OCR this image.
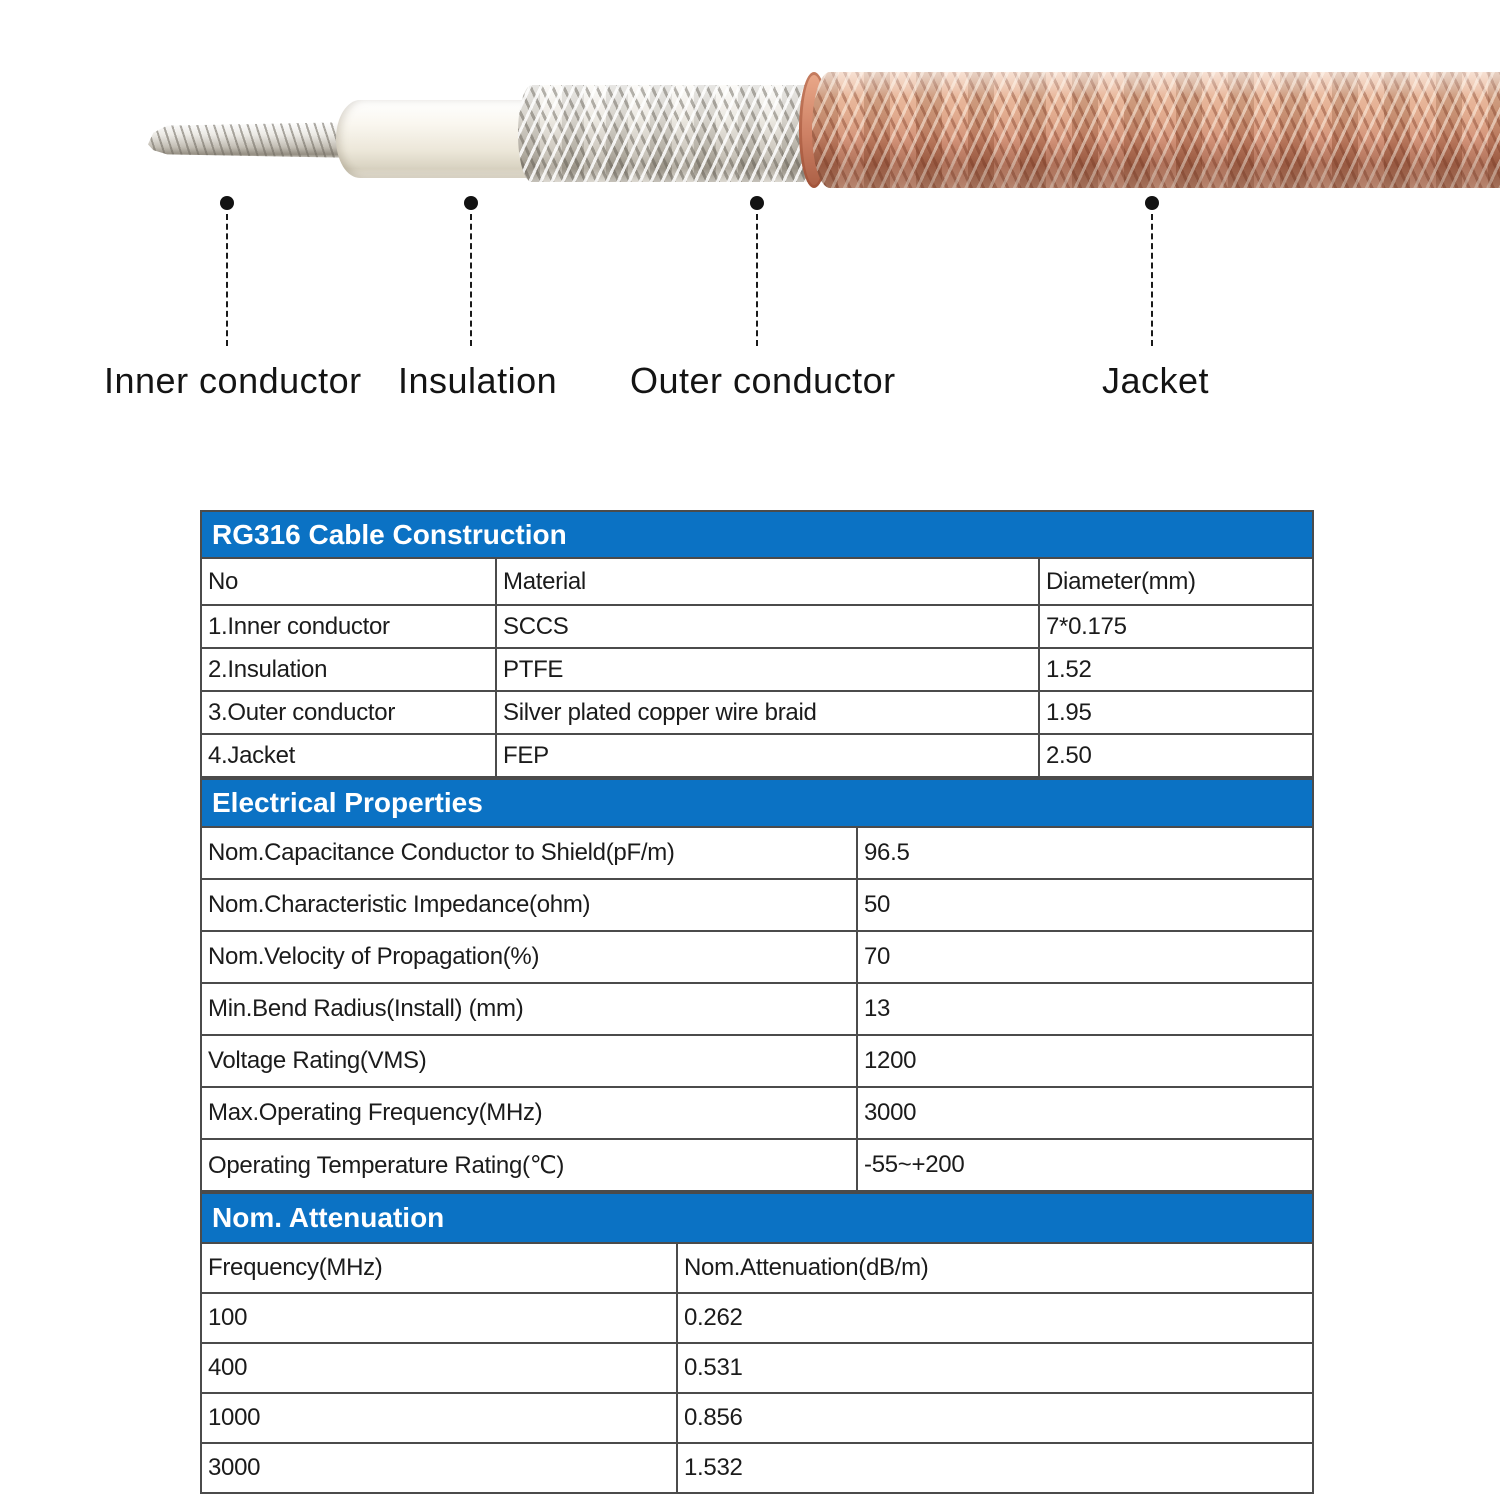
Inner conductor Insulation Outer conductor	Jacket
RG316 Cable Construction		
No	Material	Diameter(mm)
1.Inner conductor	SCCS	7*0.175
2.Insulation	PTFE	1.52
3.Outer conductor	Silver plated copper wire braid	1.95
4.Jacket	FEP	2.50
Electrical Properties	
Nom.Capacitance Conductor to Shield(pF/m)	96.5
Nom.Characteristic Impedance(ohm)	50
Nom.Velocity of Propagation(%)	70
Min.Bend Radius(Install) (mm)	13
Voltage Rating(VMS)	1200
Max.Operating Frequency(MHz)	3000
Operating Temperature Rating(℃)	-55~+200
Nom. Attenuation	
Frequency(MHz)	Nom.Attenuation(dB/m)
100	0.262
400	0.531
1000	0.856
3000	1.532
